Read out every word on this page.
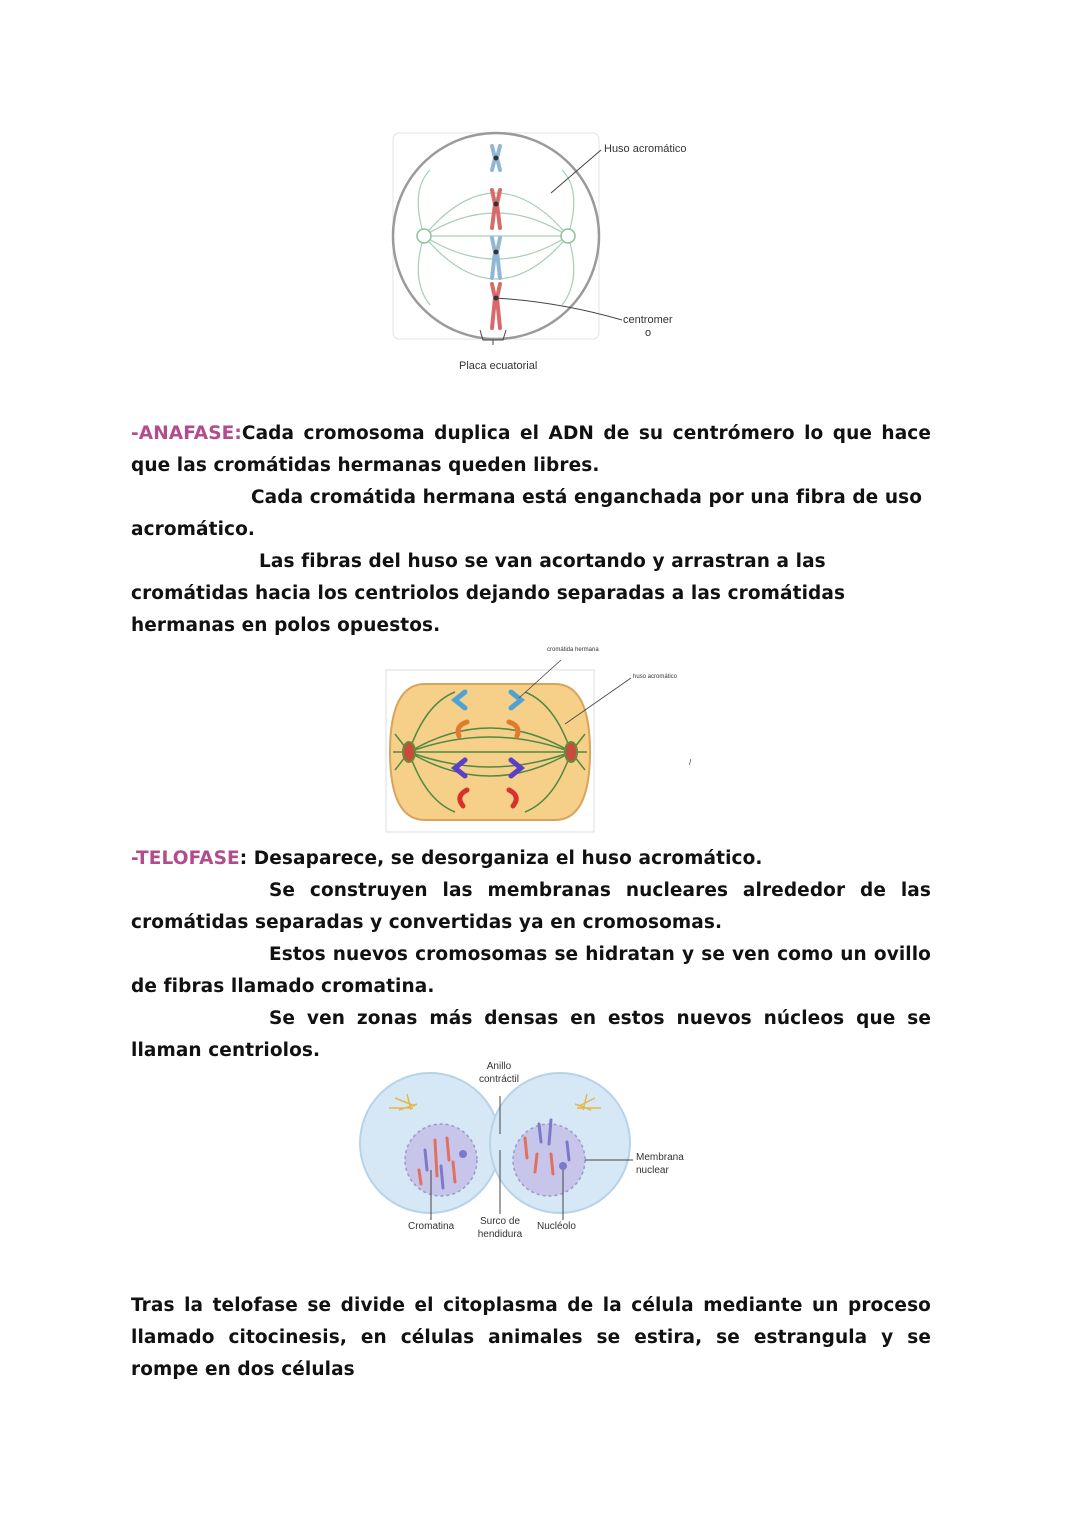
Huso acromático
centromer
o
Placa ecuatorial

-ANAFASE:Cada cromosoma duplica el ADN de su centrómero lo que hace que las cromátidas hermanas queden libres.

Cada cromátida hermana está enganchada por una fibra de uso acromático.

Las fibras del huso se van acortando y arrastran a las cromátidas hacia los centriolos dejando separadas a las cromátidas hermanas en polos opuestos.

cromátida hermana
huso acromático
/

-TELOFASE: Desaparece, se desorganiza el huso acromático.

Se construyen las membranas nucleares alrededor de las cromátidas separadas y convertidas ya en cromosomas.

Estos nuevos cromosomas se hidratan y se ven como un ovillo de fibras llamado cromatina.

Se ven zonas más densas en estos nuevos núcleos que se llaman centriolos.

Anillo
contráctil
Membrana
nuclear
Cromatina	Surco de
hendidura
Nucléolo

Tras la telofase se divide el citoplasma de la célula mediante un proceso llamado citocinesis, en células animales se estira, se estrangula y se rompe en dos células
